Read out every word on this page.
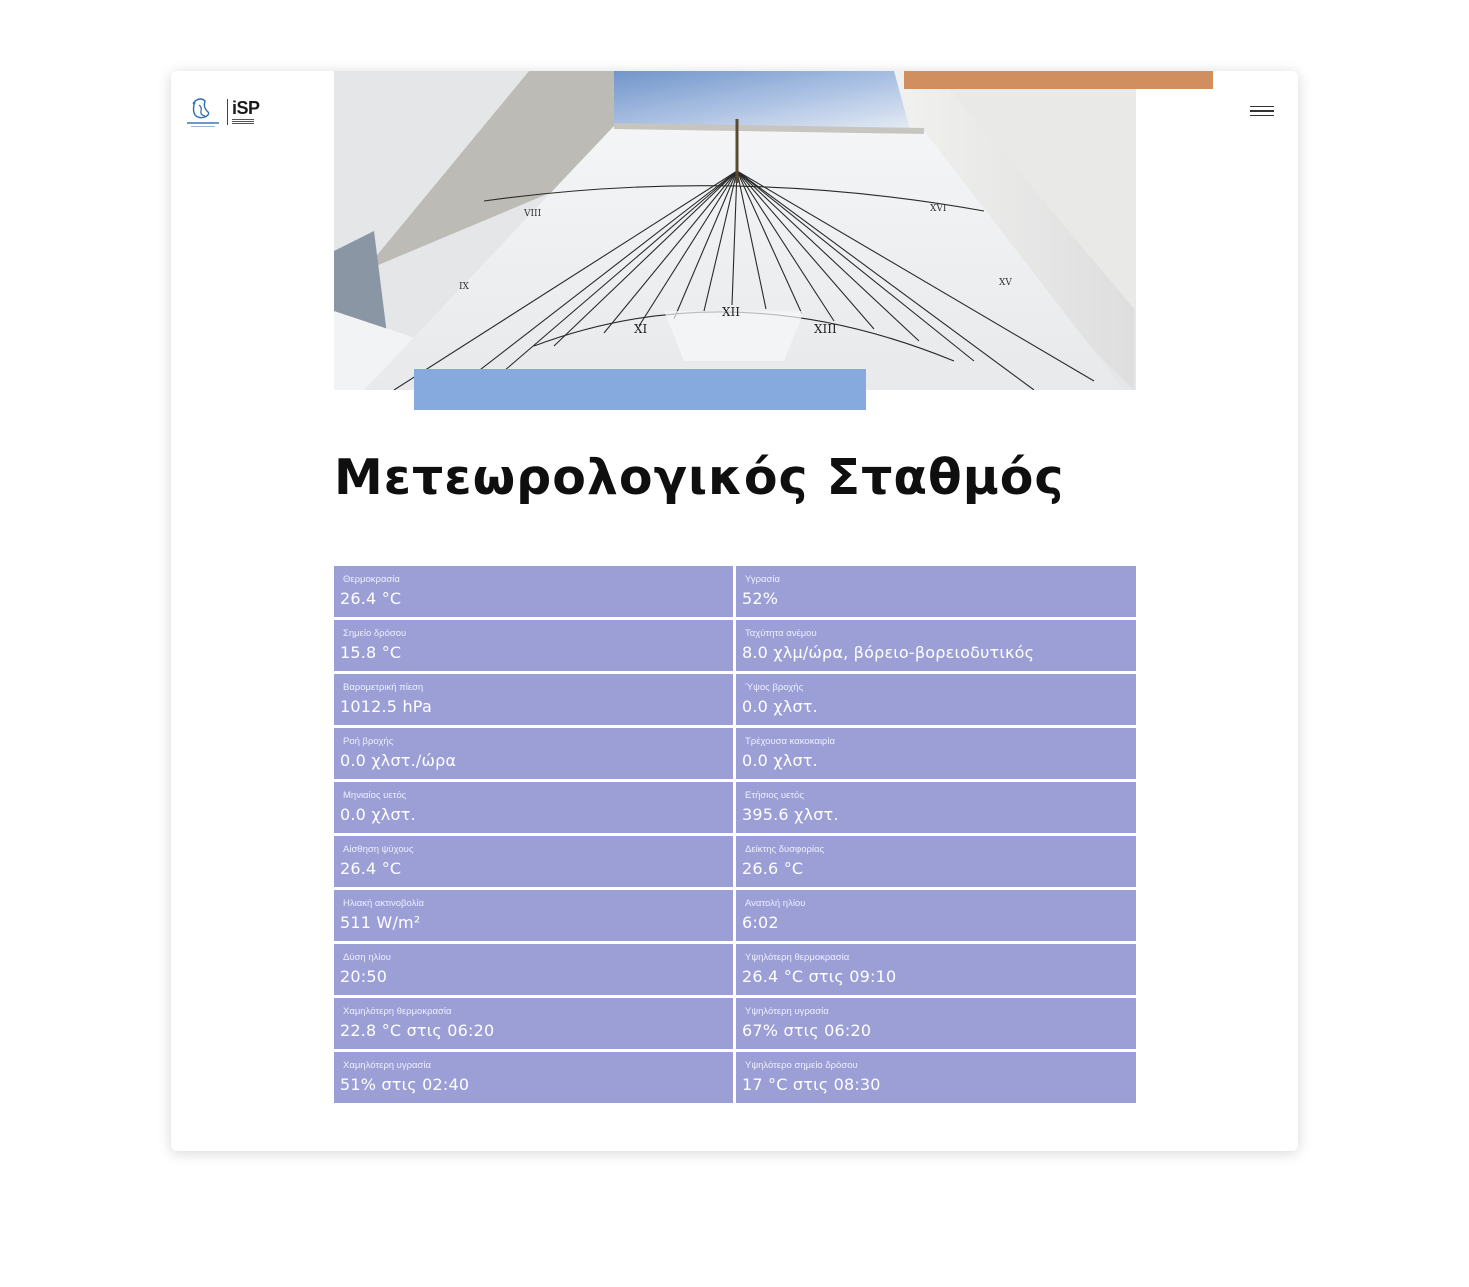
iSP
XI
XII
XIII
VIII	XVI
IX	XV
Μετεωρολογικός Σταθμός
Θερμοκρασία
26.4 °C
Υγρασία
52%
Σημείο δρόσου
15.8 °C
Ταχύτητα ανέμου
8.0 χλμ/ώρα, βόρειο-βορειοδυτικός
Βαρομετρική πίεση
1012.5 hPa
Ύψος βροχής
0.0 χλστ.
Ροή βροχής
0.0 χλστ./ώρα
Τρέχουσα κακοκαιρία
0.0 χλστ.
Μηνιαίος υετός
0.0 χλστ.
Ετήσιος υετός
395.6 χλστ.
Αίσθηση ψύχους
26.4 °C
Δείκτης δυσφορίας
26.6 °C
Ηλιακή ακτινοβολία
511 W/m²
Ανατολή ηλίου
6:02
Δύση ηλίου
20:50
Υψηλότερη θερμοκρασία
26.4 °C στις 09:10
Χαμηλότερη θερμοκρασία
22.8 °C στις 06:20
Υψηλότερη υγρασία
67% στις 06:20
Χαμηλότερη υγρασία
51% στις 02:40
Υψηλότερο σημείο δρόσου
17 °C στις 08:30
